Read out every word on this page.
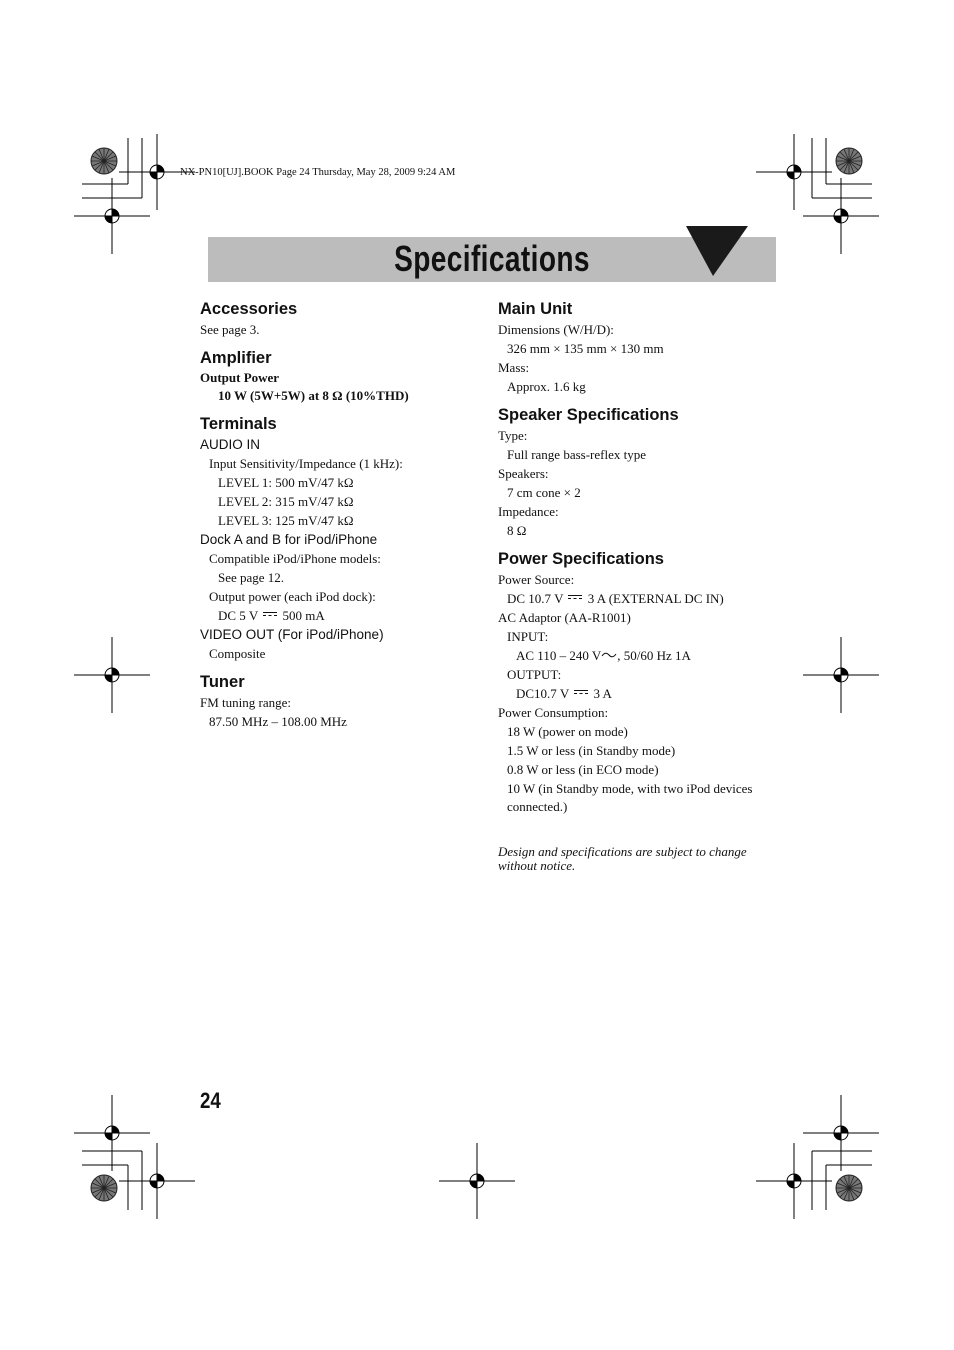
NX-PN10[UJ].BOOK Page 24 Thursday, May 28, 2009 9:24 AM
Specifications
Accessories

See page 3.

Amplifier

Output Power

10 W (5W+5W) at 8 Ω (10%THD)

Terminals

AUDIO IN

Input Sensitivity/Impedance (1 kHz):

LEVEL 1: 500 mV/47 kΩ

LEVEL 2: 315 mV/47 kΩ

LEVEL 3: 125 mV/47 kΩ

Dock A and B for iPod/iPhone

Compatible iPod/iPhone models:

See page 12.

Output power (each iPod dock):

DC 5 V 500 mA

VIDEO OUT (For iPod/iPhone)

Composite

Tuner

FM tuning range:

87.50 MHz – 108.00 MHz

Main Unit

Dimensions (W/H/D):

326 mm × 135 mm × 130 mm

Mass:

Approx. 1.6 kg

Speaker Specifications

Type:

Full range bass-reflex type

Speakers:

7 cm cone × 2

Impedance:

8 Ω

Power Specifications

Power Source:

DC 10.7 V 3 A (EXTERNAL DC IN)

AC Adaptor (AA-R1001)

INPUT:

AC 110 – 240 V , 50/60 Hz 1A

OUTPUT:

DC10.7 V 3 A

Power Consumption:

18 W (power on mode)

1.5 W or less (in Standby mode)

0.8 W or less (in ECO mode)

10 W (in Standby mode, with two iPod devices

connected.)

Design and specifications are subject to change

without notice.

24
